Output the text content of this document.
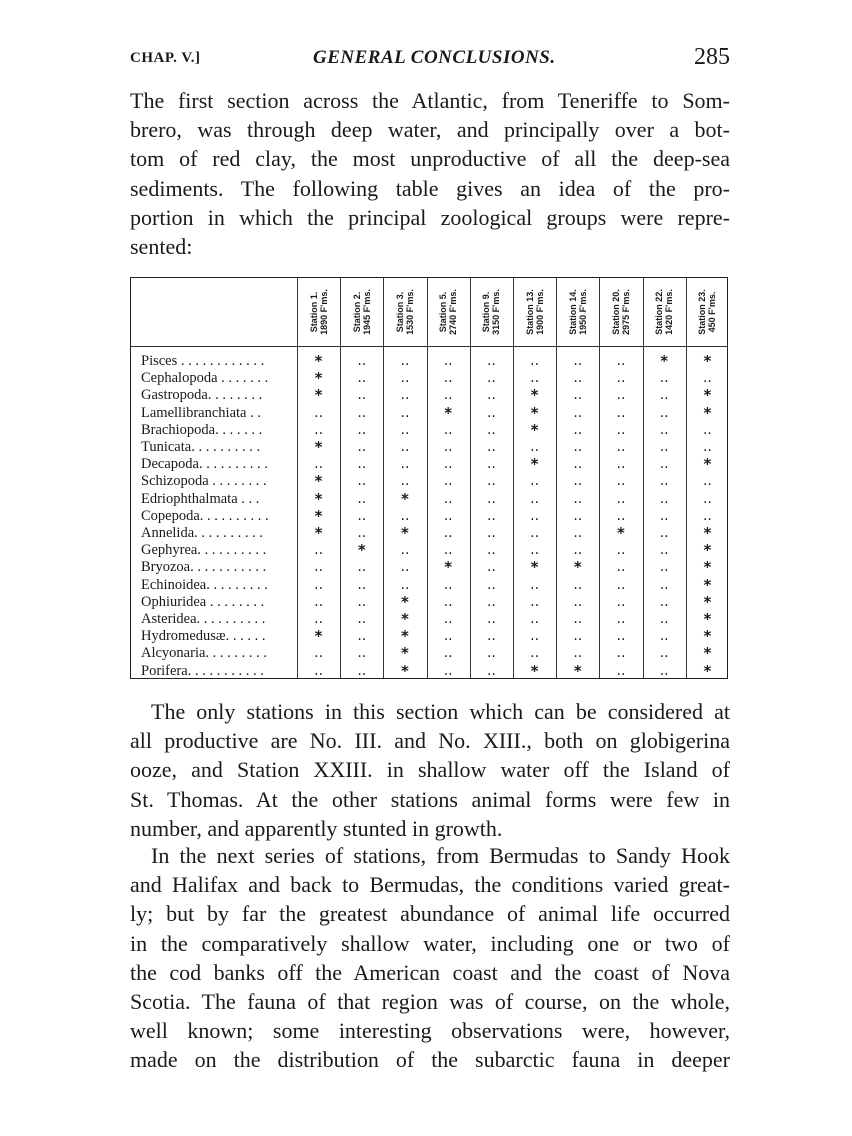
CHAP. V.]	GENERAL CONCLUSIONS.	285
The first section across the Atlantic, from Teneriffe to Som-
brero, was through deep water, and principally over a bot-
tom of red clay, the most unproductive of all the deep-sea
sediments. The following table gives an idea of the pro-
portion in which the principal zoological groups were repre-
sented:
Station 1. 1890 F'ms.	Station 2. 1945 F'ms.	Station 3. 1530 F'ms.	Station 5. 2740 F'ms.	Station 9. 3150 F'ms.	Station 13. 1900 F'ms.	Station 14. 1950 F'ms.	Station 20. 2975 F'ms.	Station 22. 1420 F'ms.	Station 23. 450 F'ms.
Pisces . . . . . . . . . . . .	*	..	..	..	..	..	..	..	*	*
Cephalopoda . . . . . . .	*	..	..	..	..	..	..	..	..	..
Gastropoda. . . . . . . .	*	..	..	..	..	*	..	..	..	*
Lamellibranchiata . .	..	..	..	*	..	*	..	..	..	*
Brachiopoda. . . . . . .	..	..	..	..	..	*	..	..	..	..
Tunicata. . . . . . . . . .	*	..	..	..	..	..	..	..	..	..
Decapoda. . . . . . . . . .	..	..	..	..	..	*	..	..	..	*
Schizopoda . . . . . . . .	*	..	..	..	..	..	..	..	..	..
Edriophthalmata . . .	*	..	*	..	..	..	..	..	..	..
Copepoda. . . . . . . . . .	*	..	..	..	..	..	..	..	..	..
Annelida. . . . . . . . . .	*	..	*	..	..	..	..	*	..	*
Gephyrea. . . . . . . . . .	..	*	..	..	..	..	..	..	..	*
Bryozoa. . . . . . . . . . .	..	..	..	*	..	*	*	..	..	*
Echinoidea. . . . . . . . .	..	..	..	..	..	..	..	..	..	*
Ophiuridea . . . . . . . .	..	..	*	..	..	..	..	..	..	*
Asteridea. . . . . . . . . .	..	..	*	..	..	..	..	..	..	*
Hydromedusæ. . . . . .	*	..	*	..	..	..	..	..	..	*
Alcyonaria. . . . . . . . .	..	..	*	..	..	..	..	..	..	*
Porifera. . . . . . . . . . .	..	..	*	..	..	*	*	..	..	*
The only stations in this section which can be considered at
all productive are No. III. and No. XIII., both on globigerina
ooze, and Station XXIII. in shallow water off the Island of
St. Thomas. At the other stations animal forms were few in
number, and apparently stunted in growth.
In the next series of stations, from Bermudas to Sandy Hook
and Halifax and back to Bermudas, the conditions varied great-
ly; but by far the greatest abundance of animal life occurred
in the comparatively shallow water, including one or two of
the cod banks off the American coast and the coast of Nova
Scotia. The fauna of that region was of course, on the whole,
well known; some interesting observations were, however,
made on the distribution of the subarctic fauna in deeper
